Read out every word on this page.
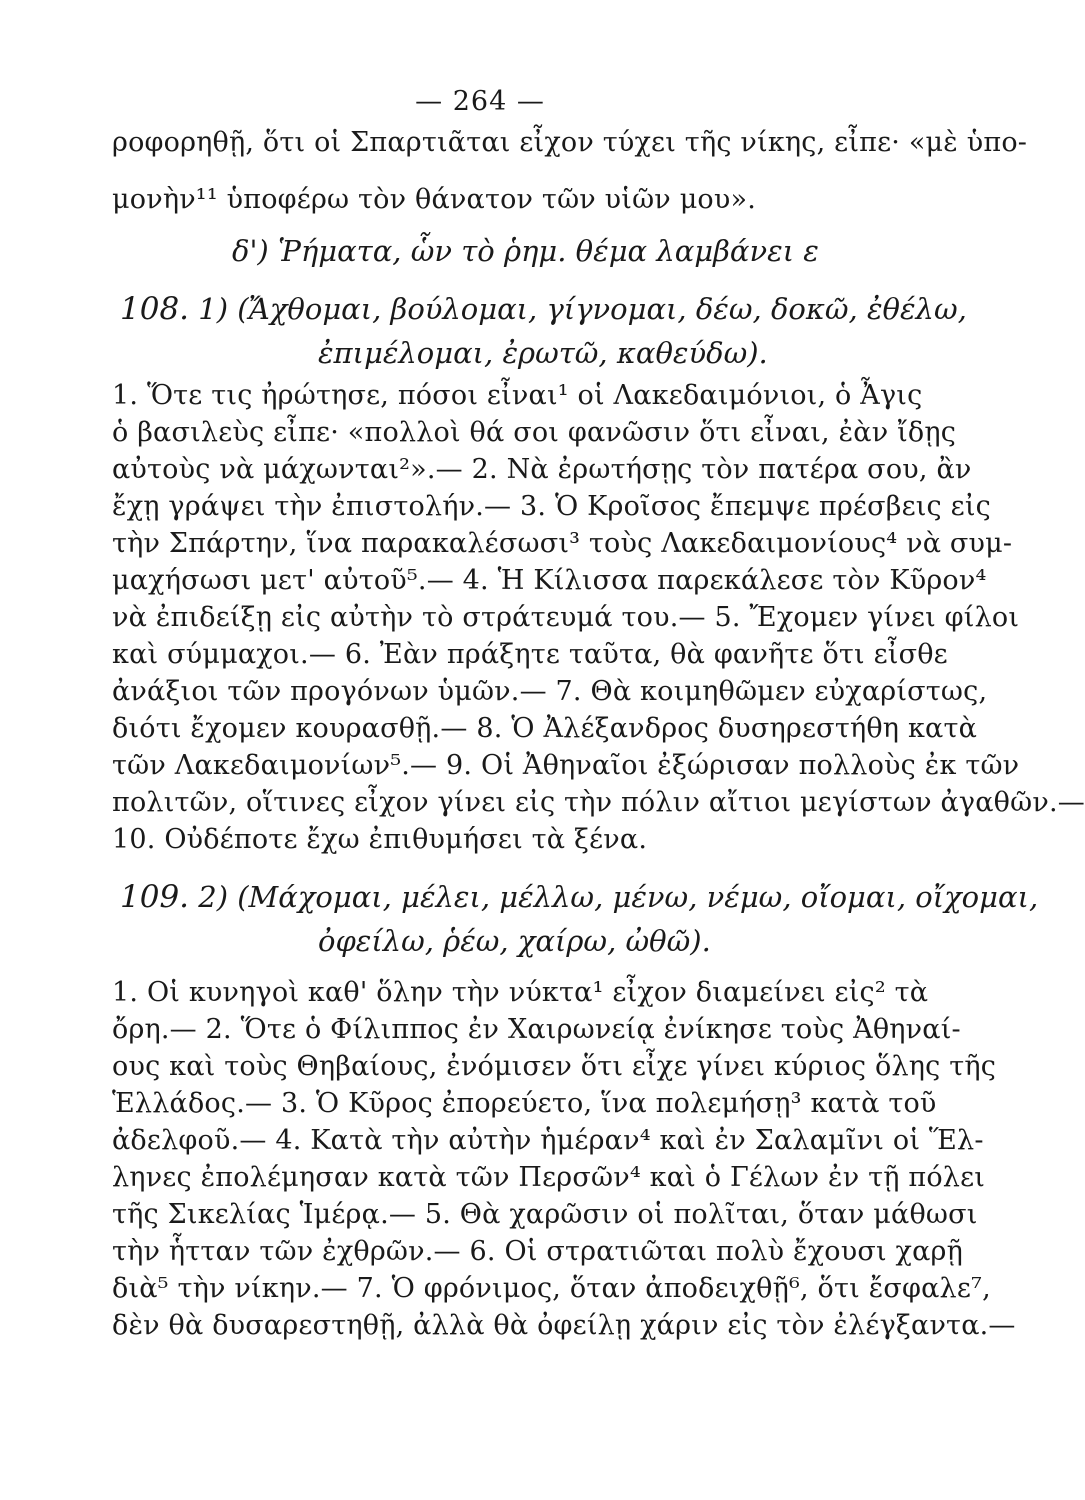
— 264 —
ροφορηθῇ, ὅτι οἱ Σπαρτιᾶται εἶχον τύχει τῆς νίκης, εἶπε· «μὲ ὑπο-
μονὴν¹¹ ὑποφέρω τὸν θάνατον τῶν υἱῶν μου».
δ') Ῥήματα, ὧν τὸ ῥημ. θέμα λαμβάνει ε
108. 1) (Ἄχθομαι, βούλομαι, γίγνομαι, δέω, δοκῶ, ἐθέλω,
ἐπιμέλομαι, ἐρωτῶ, καθεύδω).
1. Ὅτε τις ἠρώτησε, πόσοι εἶναι¹ οἱ Λακεδαιμόνιοι, ὁ Ἆγις
ὁ βασιλεὺς εἶπε· «πολλοὶ θά σοι φανῶσιν ὅτι εἶναι, ἐὰν ἴδῃς
αὐτοὺς νὰ μάχωνται²».— 2. Νὰ ἐρωτήσῃς τὸν πατέρα σου, ἂν
ἔχῃ γράψει τὴν ἐπιστολήν.— 3. Ὁ Κροῖσος ἔπεμψε πρέσβεις εἰς
τὴν Σπάρτην, ἵνα παρακαλέσωσι³ τοὺς Λακεδαιμονίους⁴ νὰ συμ-
μαχήσωσι μετ' αὐτοῦ⁵.— 4. Ἡ Κίλισσα παρεκάλεσε τὸν Κῦρον⁴
νὰ ἐπιδείξῃ εἰς αὐτὴν τὸ στράτευμά του.— 5. Ἔχομεν γίνει φίλοι
καὶ σύμμαχοι.— 6. Ἐὰν πράξητε ταῦτα, θὰ φανῆτε ὅτι εἶσθε
ἀνάξιοι τῶν προγόνων ὑμῶν.— 7. Θὰ κοιμηθῶμεν εὐχαρίστως,
διότι ἔχομεν κουρασθῇ.— 8. Ὁ Ἀλέξανδρος δυσηρεστήθη κατὰ
τῶν Λακεδαιμονίων⁵.— 9. Οἱ Ἀθηναῖοι ἐξώρισαν πολλοὺς ἐκ τῶν
πολιτῶν, οἵτινες εἶχον γίνει εἰς τὴν πόλιν αἴτιοι μεγίστων ἀγαθῶν.—
10. Οὐδέποτε ἔχω ἐπιθυμήσει τὰ ξένα.
109. 2) (Μάχομαι, μέλει, μέλλω, μένω, νέμω, οἴομαι, οἴχομαι,
ὀφείλω, ῥέω, χαίρω, ὠθῶ).
1. Οἱ κυνηγοὶ καθ' ὅλην τὴν νύκτα¹ εἶχον διαμείνει εἰς² τὰ
ὄρη.— 2. Ὅτε ὁ Φίλιππος ἐν Χαιρωνείᾳ ἐνίκησε τοὺς Ἀθηναί-
ους καὶ τοὺς Θηβαίους, ἐνόμισεν ὅτι εἶχε γίνει κύριος ὅλης τῆς
Ἑλλάδος.— 3. Ὁ Κῦρος ἐπορεύετο, ἵνα πολεμήσῃ³ κατὰ τοῦ
ἀδελφοῦ.— 4. Κατὰ τὴν αὐτὴν ἡμέραν⁴ καὶ ἐν Σαλαμῖνι οἱ Ἕλ-
ληνες ἐπολέμησαν κατὰ τῶν Περσῶν⁴ καὶ ὁ Γέλων ἐν τῇ πόλει
τῆς Σικελίας Ἱμέρᾳ.— 5. Θὰ χαρῶσιν οἱ πολῖται, ὅταν μάθωσι
τὴν ἧτταν τῶν ἐχθρῶν.— 6. Οἱ στρατιῶται πολὺ ἔχουσι χαρῇ
διὰ⁵ τὴν νίκην.— 7. Ὁ φρόνιμος, ὅταν ἀποδειχθῇ⁶, ὅτι ἔσφαλε⁷,
δὲν θὰ δυσαρεστηθῇ, ἀλλὰ θὰ ὀφείλῃ χάριν εἰς τὸν ἐλέγξαντα.—
